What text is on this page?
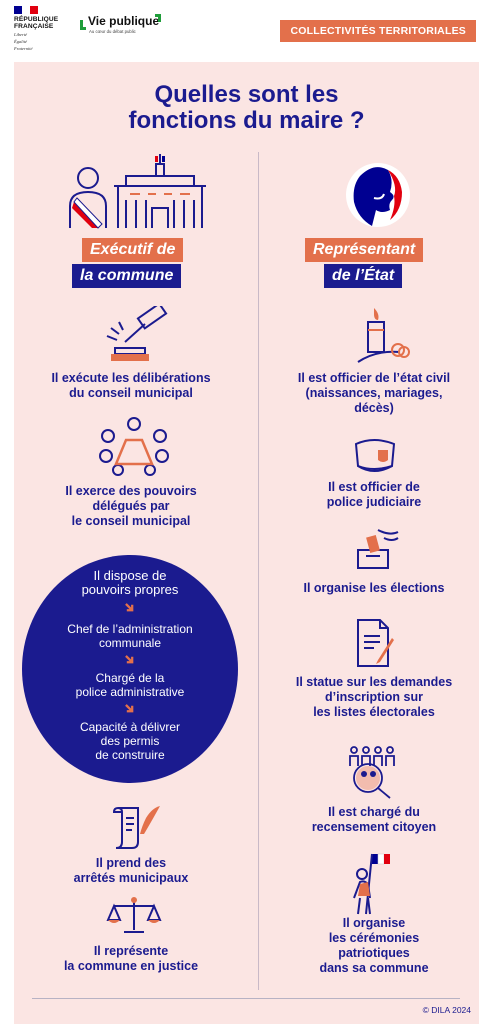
RÉPUBLIQUE
FRANÇAISE
Liberté
Égalité
Fraternité
Vie publique
Au cœur du débat public	COLLECTIVITÉS TERRITORIALES
Quelles sont les
fonctions du maire ?
Exécutif de
la commune
Représentant
de l’État
Il exécute les délibérations
du conseil municipal
Il exerce des pouvoirs
délégués par
le conseil municipal
Il dispose de
pouvoirs propres
Chef de l’administration
communale
Chargé de la
police administrative
Capacité à délivrer
des permis
de construire
Il prend des
arrêtés municipaux
Il représente
la commune en justice
Il est officier de l’état civil
(naissances, mariages,
décès)
Il est officier de
police judiciaire
Il organise les élections
Il statue sur les demandes
d’inscription sur
les listes électorales
Il est chargé du
recensement citoyen
Il organise
les cérémonies
patriotiques
dans sa commune
© DILA 2024
